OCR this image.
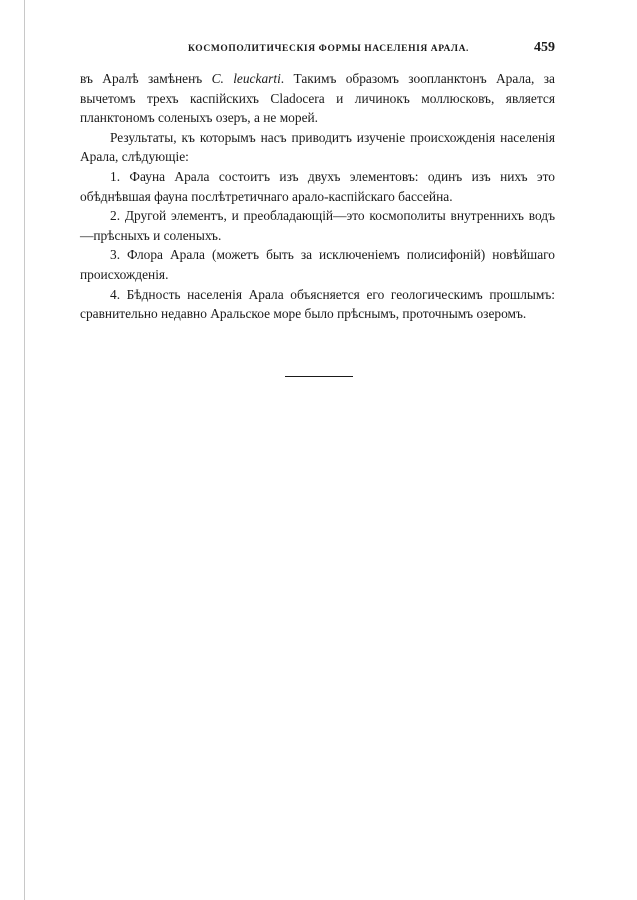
КОСМОПОЛИТИЧЕСКІЯ ФОРМЫ НАСЕЛЕНІЯ АРАЛА.	459

въ Аралѣ замѣненъ C. leuckarti. Такимъ образомъ зоопланктонъ Арала, за вычетомъ трехъ каспійскихъ Cladocera и личинокъ моллюсковъ, является планктономъ соленыхъ озеръ, а не морей.

Результаты, къ которымъ насъ приводитъ изученіе происхожденія населенія Арала, слѣдующіе:

1. Фауна Арала состоитъ изъ двухъ элементовъ: одинъ изъ нихъ это обѣднѣвшая фауна послѣтретичнаго арало-каспійскаго бассейна.

2. Другой элементъ, и преобладающій—это космополиты внутреннихъ водъ—прѣсныхъ и соленыхъ.

3. Флора Арала (можетъ быть за исключеніемъ полисифоній) новѣйшаго происхожденія.

4. Бѣдность населенія Арала объясняется его геологическимъ прошлымъ: сравнительно недавно Аральское море было прѣснымъ, проточнымъ озеромъ.
